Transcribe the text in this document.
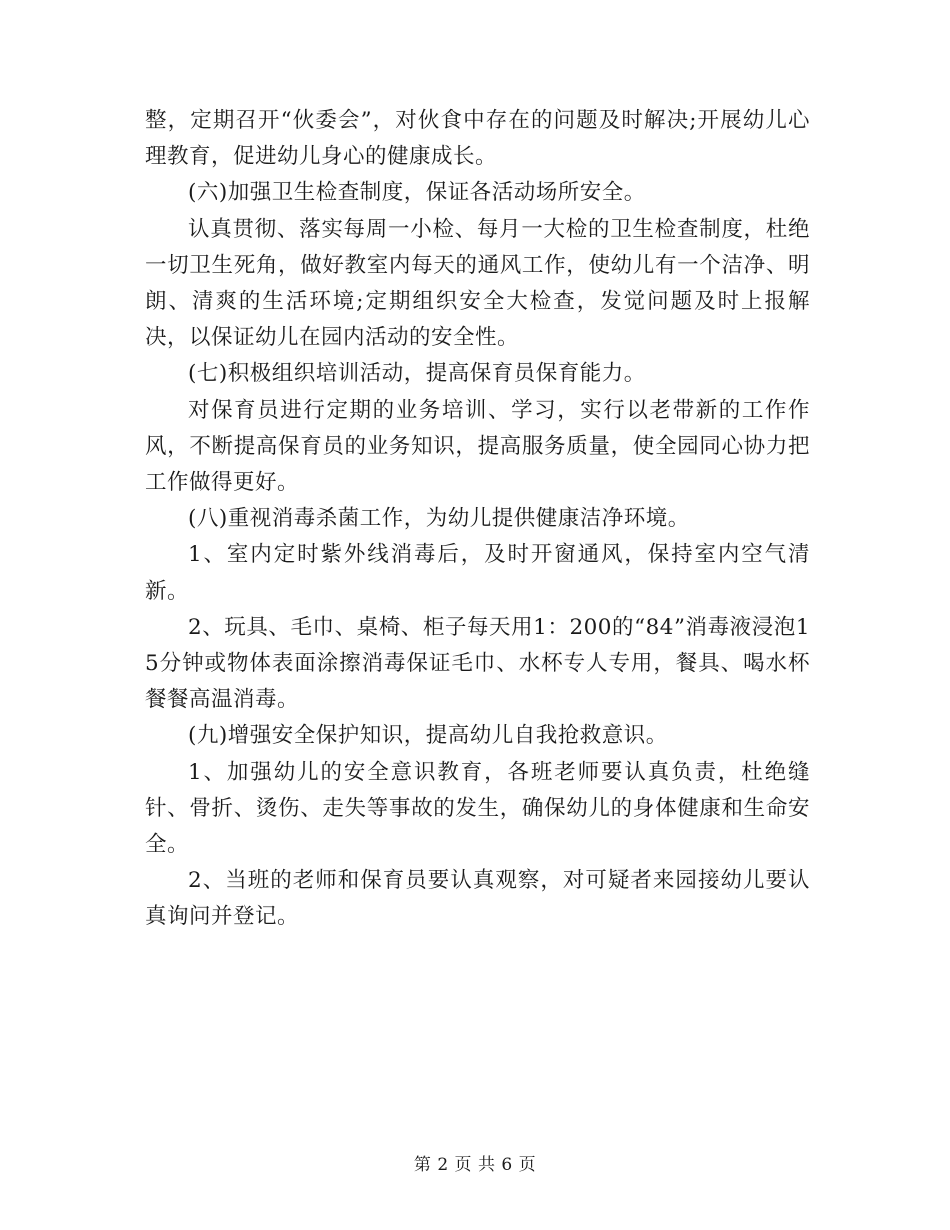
整，定期召开“伙委会”，对伙食中存在的问题及时解决;开展幼儿心理教育，促进幼儿身心的健康成长。

(六)加强卫生检查制度，保证各活动场所安全。

认真贯彻、落实每周一小检、每月一大检的卫生检查制度，杜绝一切卫生死角，做好教室内每天的通风工作，使幼儿有一个洁净、明朗、清爽的生活环境;定期组织安全大检查，发觉问题及时上报解决，以保证幼儿在园内活动的安全性。

(七)积极组织培训活动，提高保育员保育能力。

对保育员进行定期的业务培训、学习，实行以老带新的工作作风，不断提高保育员的业务知识，提高服务质量，使全园同心协力把工作做得更好。

(八)重视消毒杀菌工作，为幼儿提供健康洁净环境。

1、室内定时紫外线消毒后，及时开窗通风，保持室内空气清新。

2、玩具、毛巾、桌椅、柜子每天用1：200的“84”消毒液浸泡15分钟或物体表面涂擦消毒保证毛巾、水杯专人专用，餐具、喝水杯餐餐高温消毒。

(九)增强安全保护知识，提高幼儿自我抢救意识。

1、加强幼儿的安全意识教育，各班老师要认真负责，杜绝缝针、骨折、烫伤、走失等事故的发生，确保幼儿的身体健康和生命安全。

2、当班的老师和保育员要认真观察，对可疑者来园接幼儿要认真询问并登记。

第 2 页 共 6 页
